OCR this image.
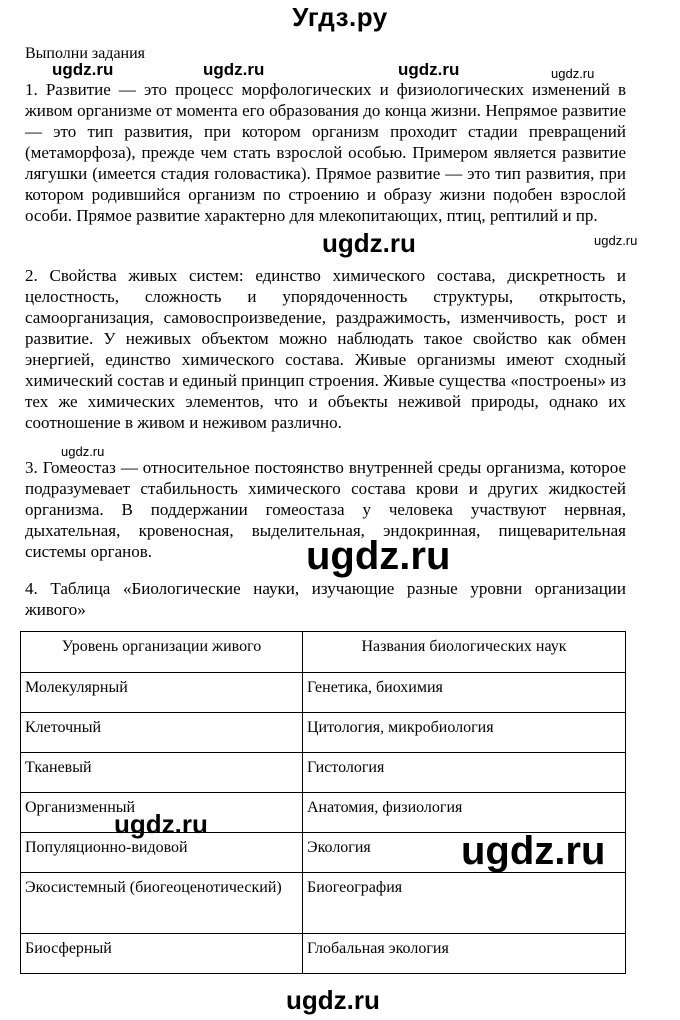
Угдз.ру
Выполни задания
1. Развитие — это процесс морфологических и физиологических изменений в живом организме от момента его образования до конца жизни. Непрямое развитие — это тип развития, при котором организм проходит стадии превращений (метаморфоза), прежде чем стать взрослой особью. Примером является развитие лягушки (имеется стадия головастика). Прямое развитие — это тип развития, при котором родившийся организм по строению и образу жизни подобен взрослой особи. Прямое развитие характерно для млекопитающих, птиц, рептилий и пр.
2. Свойства живых систем: единство химического состава, дискретность и целостность, сложность и упорядоченность структуры, открытость, самоорганизация, самовоспроизведение, раздражимость, изменчивость, рост и развитие. У неживых объектом можно наблюдать такое свойство как обмен энергией, единство химического состава. Живые организмы имеют сходный химический состав и единый принцип строения. Живые существа «построены» из тех же химических элементов, что и объекты неживой природы, однако их соотношение в живом и неживом различно.
3. Гомеостаз — относительное постоянство внутренней среды организма, которое подразумевает стабильность химического состава крови и других жидкостей организма. В поддержании гомеостаза у человека участвуют нервная, дыхательная, кровеносная, выделительная, эндокринная, пищеварительная системы органов.
4. Таблица «Биологические науки, изучающие разные уровни организации живого»
Уровень организации живого	Названия биологических наук
Молекулярный	Генетика, биохимия
Клеточный	Цитология, микробиология
Тканевый	Гистология
Организменный	Анатомия, физиология
Популяционно-видовой	Экология
Экосистемный (биогеоценотический)	Биогеография
Биосферный	Глобальная экология
ugdz.ru	ugdz.ru	ugdz.ru	ugdz.ru
ugdz.ru	ugdz.ru
ugdz.ru
ugdz.ru
ugdz.ru
ugdz.ru
ugdz.ru
